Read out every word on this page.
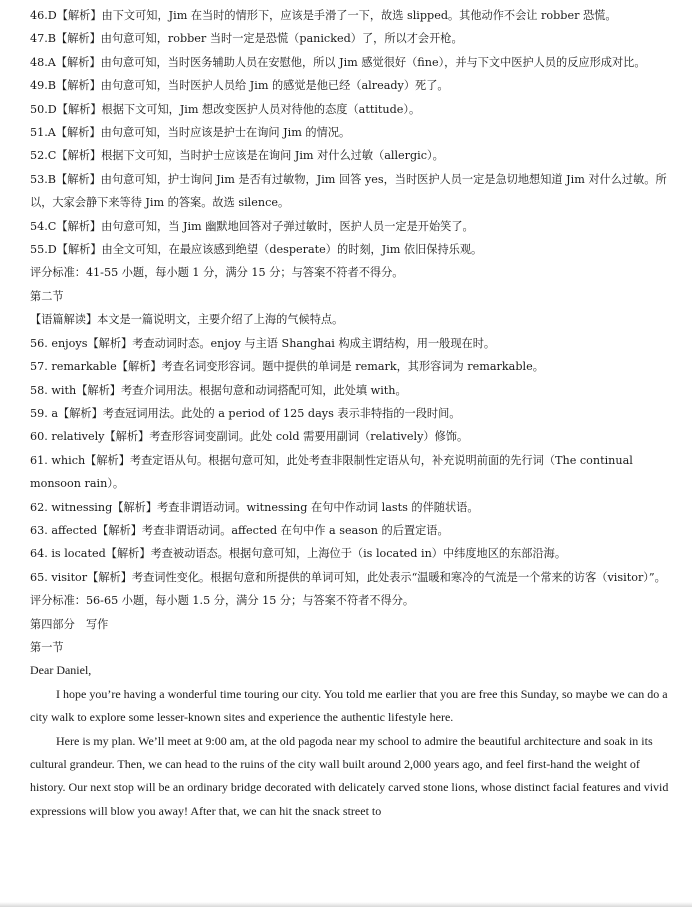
46.D【解析】由下文可知，Jim 在当时的情形下，应该是手滑了一下，故选 slipped。其他动作不会让 robber 恐慌。
47.B【解析】由句意可知，robber 当时一定是恐慌（panicked）了，所以才会开枪。
48.A【解析】由句意可知，当时医务辅助人员在安慰他，所以 Jim 感觉很好（fine），并与下文中医护人员的反应形成对比。
49.B【解析】由句意可知，当时医护人员给 Jim 的感觉是他已经（already）死了。
50.D【解析】根据下文可知，Jim 想改变医护人员对待他的态度（attitude）。
51.A【解析】由句意可知，当时应该是护士在询问 Jim 的情况。
52.C【解析】根据下文可知，当时护士应该是在询问 Jim 对什么过敏（allergic）。
53.B【解析】由句意可知，护士询问 Jim 是否有过敏物，Jim 回答 yes，当时医护人员一定是急切地想知道 Jim 对什么过敏。所以，大家会静下来等待 Jim 的答案。故选 silence。
54.C【解析】由句意可知，当 Jim 幽默地回答对子弹过敏时，医护人员一定是开始笑了。
55.D【解析】由全文可知，在最应该感到绝望（desperate）的时刻，Jim 依旧保持乐观。
评分标准：41-55 小题，每小题 1 分，满分 15 分；与答案不符者不得分。
第二节
【语篇解读】本文是一篇说明文，主要介绍了上海的气候特点。
56. enjoys【解析】考查动词时态。enjoy 与主语 Shanghai 构成主谓结构，用一般现在时。
57. remarkable【解析】考查名词变形容词。题中提供的单词是 remark，其形容词为 remarkable。
58. with【解析】考查介词用法。根据句意和动词搭配可知，此处填 with。
59. a【解析】考查冠词用法。此处的 a period of 125 days 表示非特指的一段时间。
60. relatively【解析】考查形容词变副词。此处 cold 需要用副词（relatively）修饰。
61. which【解析】考查定语从句。根据句意可知，此处考查非限制性定语从句，补充说明前面的先行词（The continual monsoon rain）。
62. witnessing【解析】考查非谓语动词。witnessing 在句中作动词 lasts 的伴随状语。
63. affected【解析】考查非谓语动词。affected 在句中作 a season 的后置定语。
64. is located【解析】考查被动语态。根据句意可知，上海位于（is located in）中纬度地区的东部沿海。
65. visitor【解析】考查词性变化。根据句意和所提供的单词可知，此处表示“温暖和寒冷的气流是一个常来的访客（visitor）”。
评分标准：56-65 小题，每小题 1.5 分，满分 15 分；与答案不符者不得分。
第四部分　写作
第一节
Dear Daniel,
I hope you’re having a wonderful time touring our city. You told me earlier that you are free this Sunday, so maybe we can do a city walk to explore some lesser-known sites and experience the authentic lifestyle here.
Here is my plan. We’ll meet at 9:00 am, at the old pagoda near my school to admire the beautiful architecture and soak in its cultural grandeur. Then, we can head to the ruins of the city wall built around 2,000 years ago, and feel first-hand the weight of history. Our next stop will be an ordinary bridge decorated with delicately carved stone lions, whose distinct facial features and vivid expressions will blow you away! After that, we can hit the snack street to
